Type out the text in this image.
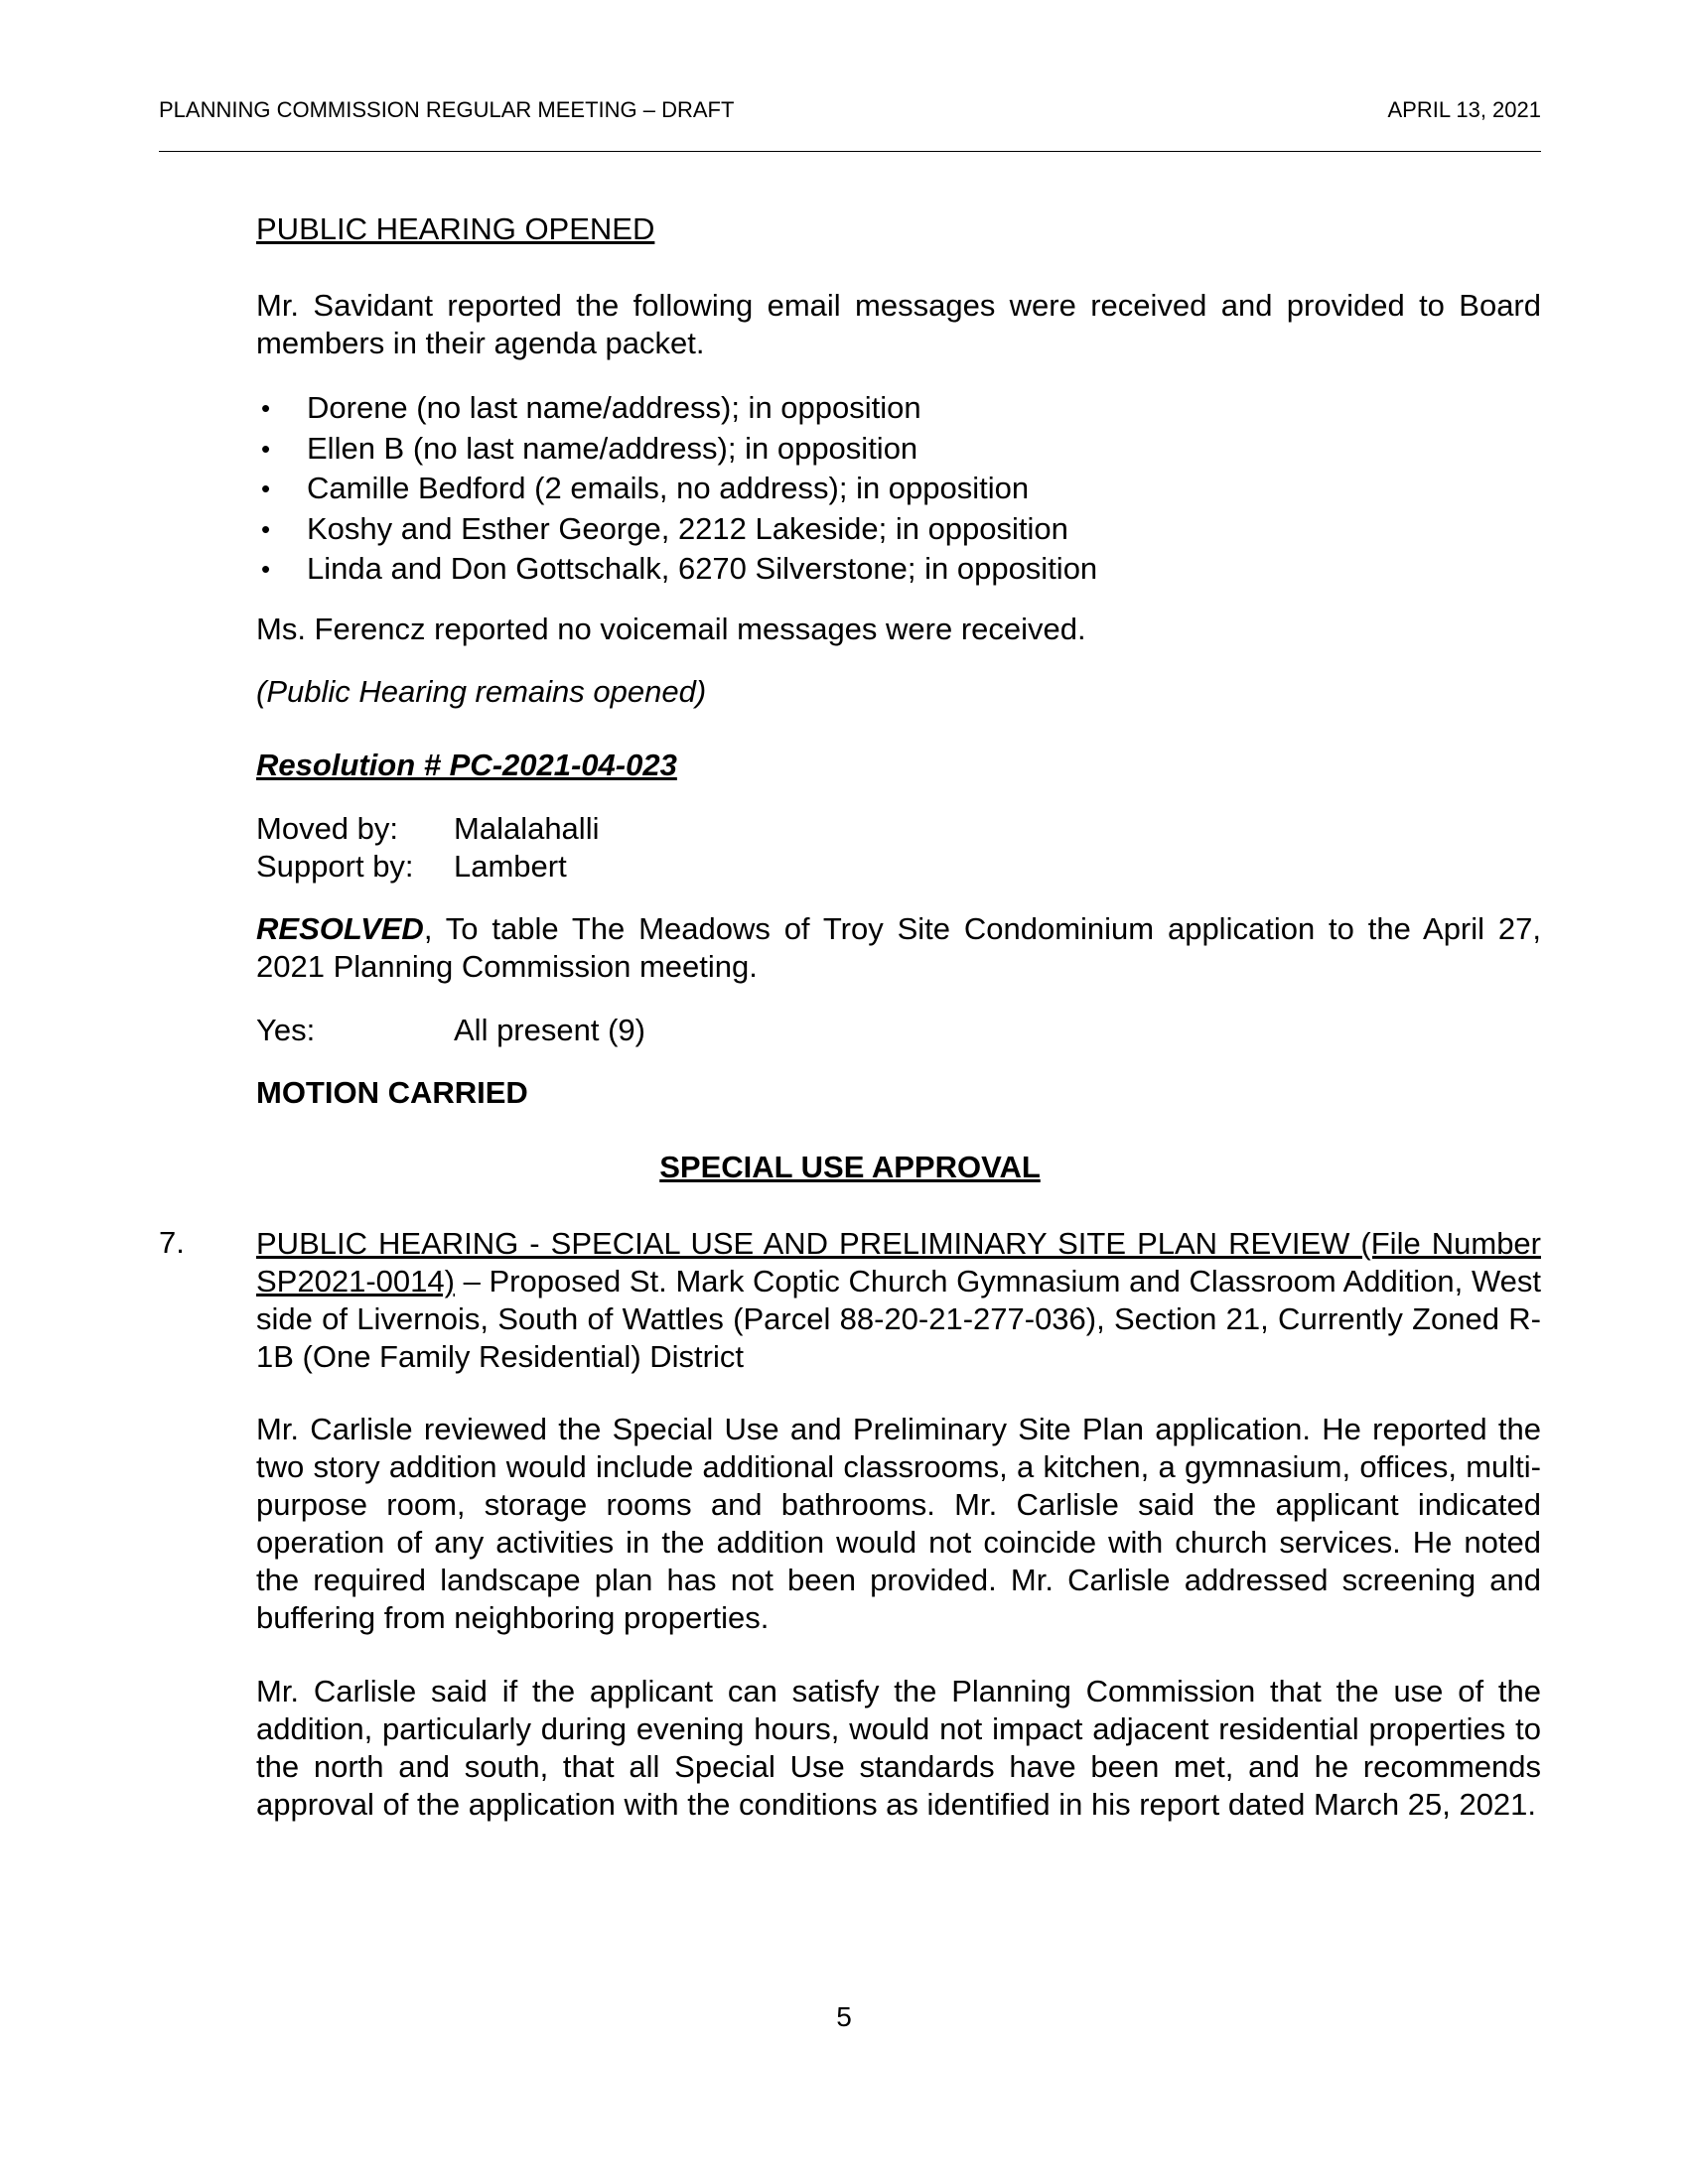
PLANNING COMMISSION REGULAR MEETING – DRAFT	APRIL 13, 2021
PUBLIC HEARING OPENED

Mr. Savidant reported the following email messages were received and provided to Board members in their agenda packet.

• Dorene (no last name/address); in opposition
• Ellen B (no last name/address); in opposition
• Camille Bedford (2 emails, no address); in opposition
• Koshy and Esther George, 2212 Lakeside; in opposition
• Linda and Don Gottschalk, 6270 Silverstone; in opposition

Ms. Ferencz reported no voicemail messages were received.

(Public Hearing remains opened)

Resolution # PC-2021-04-023

Moved by: Malalahalli
Support by: Lambert

RESOLVED, To table The Meadows of Troy Site Condominium application to the April 27, 2021 Planning Commission meeting.

Yes:	All present (9)

MOTION CARRIED

SPECIAL USE APPROVAL
7. PUBLIC HEARING - SPECIAL USE AND PRELIMINARY SITE PLAN REVIEW (File Number SP2021-0014) – Proposed St. Mark Coptic Church Gymnasium and Classroom Addition, West side of Livernois, South of Wattles (Parcel 88-20-21-277-036), Section 21, Currently Zoned R-1B (One Family Residential) District

Mr. Carlisle reviewed the Special Use and Preliminary Site Plan application. He reported the two story addition would include additional classrooms, a kitchen, a gymnasium, offices, multi-purpose room, storage rooms and bathrooms. Mr. Carlisle said the applicant indicated operation of any activities in the addition would not coincide with church services. He noted the required landscape plan has not been provided. Mr. Carlisle addressed screening and buffering from neighboring properties.

Mr. Carlisle said if the applicant can satisfy the Planning Commission that the use of the addition, particularly during evening hours, would not impact adjacent residential properties to the north and south, that all Special Use standards have been met, and he recommends approval of the application with the conditions as identified in his report dated March 25, 2021.

5
